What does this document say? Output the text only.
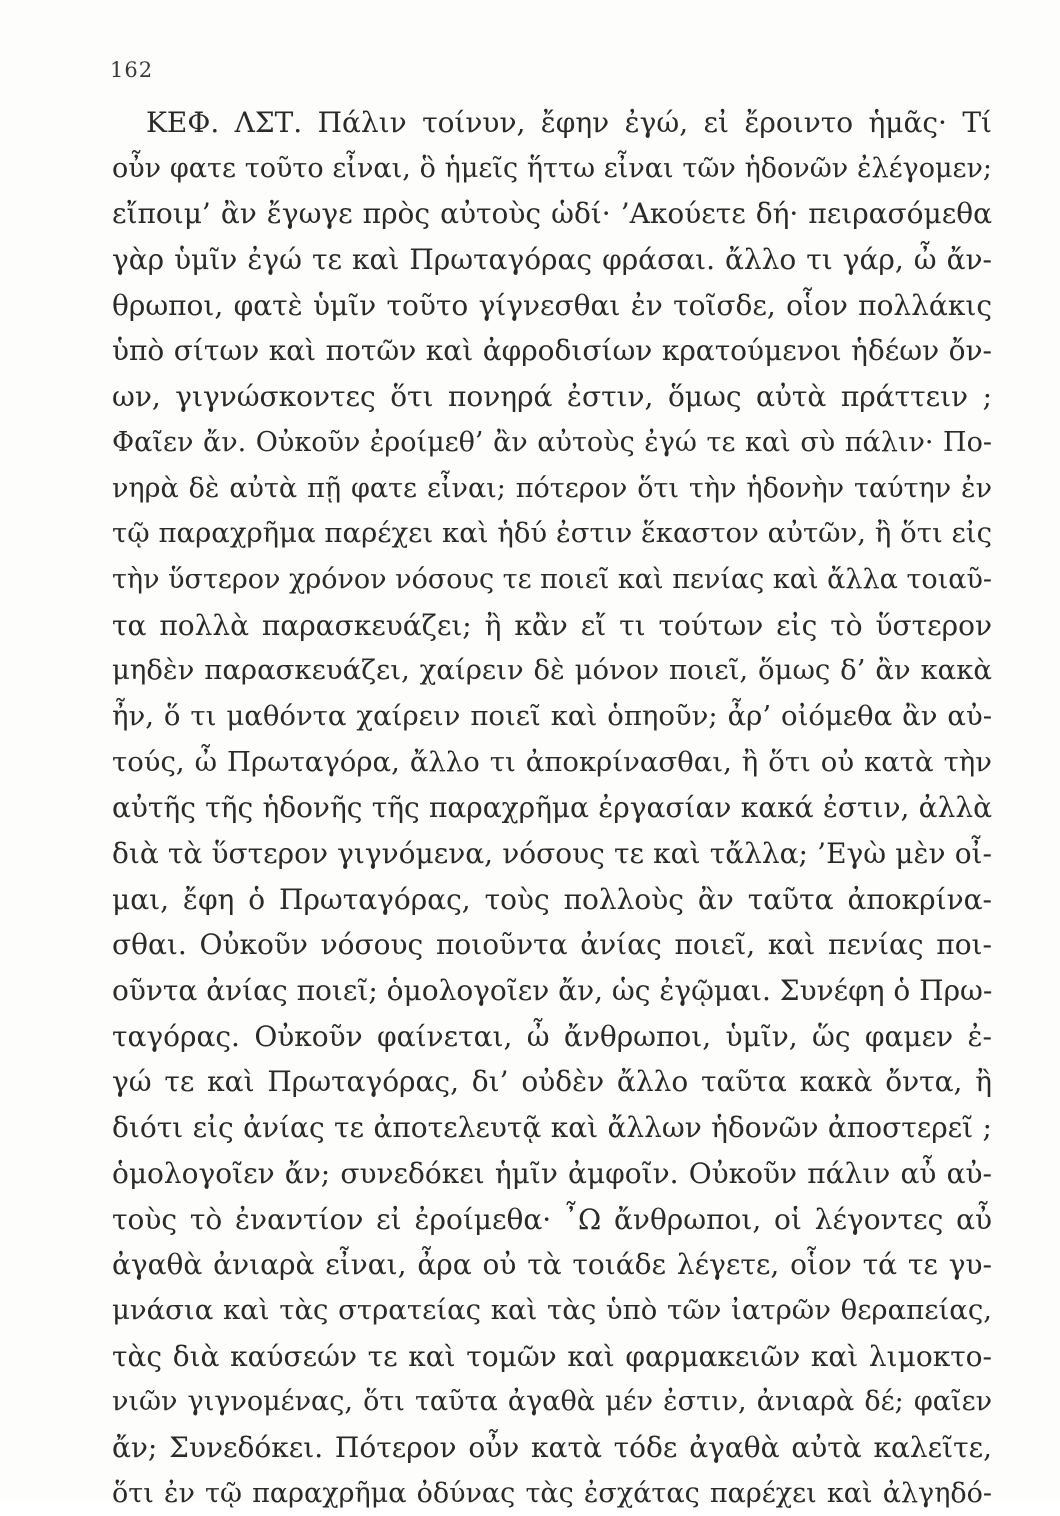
162
ΚΕΦ. ΛΣΤ. Πάλιν τοίνυν, ἔφην ἐγώ, εἰ ἔροιντο ἡμᾶς· Τί
οὖν φατε τοῦτο εἶναι, ὃ ἡμεῖς ἥττω εἶναι τῶν ἡδονῶν ἐλέγομεν;
εἴποιμ’ ἂν ἔγωγε πρὸς αὐτοὺς ὡδί· ’Ακούετε δή· πειρασόμεθα
γὰρ ὑμῖν ἐγώ τε καὶ Πρωταγόρας φράσαι. ἄλλο τι γάρ, ὦ ἄν-
θρωποι, φατὲ ὑμῖν τοῦτο γίγνεσθαι ἐν τοῖσδε, οἷον πολλάκις
ὑπὸ σίτων καὶ ποτῶν καὶ ἀφροδισίων κρατούμενοι ἡδέων ὄν-
ων, γιγνώσκοντες ὅτι πονηρά ἐστιν, ὅμως αὐτὰ πράττειν ;
Φαῖεν ἄν. Οὐκοῦν ἐροίμεθ’ ἂν αὐτοὺς ἐγώ τε καὶ σὺ πάλιν· Πο-
νηρὰ δὲ αὐτὰ πῇ φατε εἶναι; πότερον ὅτι τὴν ἡδονὴν ταύτην ἐν
τῷ παραχρῆμα παρέχει καὶ ἡδύ ἐστιν ἕκαστον αὐτῶν, ἢ ὅτι εἰς
τὴν ὕστερον χρόνον νόσους τε ποιεῖ καὶ πενίας καὶ ἄλλα τοιαῦ-
τα πολλὰ παρασκευάζει; ἢ κἂν εἴ τι τούτων εἰς τὸ ὕστερον
μηδὲν παρασκευάζει, χαίρειν δὲ μόνον ποιεῖ, ὅμως δ’ ἂν κακὰ
ἦν, ὅ τι μαθόντα χαίρειν ποιεῖ καὶ ὁπηοῦν; ἆρ’ οἰόμεθα ἂν αὐ-
τούς, ὦ Πρωταγόρα, ἄλλο τι ἀποκρίνασθαι, ἢ ὅτι οὐ κατὰ τὴν
αὐτῆς τῆς ἡδονῆς τῆς παραχρῆμα ἐργασίαν κακά ἐστιν, ἀλλὰ
διὰ τὰ ὕστερον γιγνόμενα, νόσους τε καὶ τἄλλα; ’Εγὼ μὲν οἶ-
μαι, ἔφη ὁ Πρωταγόρας, τοὺς πολλοὺς ἂν ταῦτα ἀποκρίνα-
σθαι. Οὐκοῦν νόσους ποιοῦντα ἀνίας ποιεῖ, καὶ πενίας ποι-
οῦντα ἀνίας ποιεῖ; ὁμολογοῖεν ἄν, ὡς ἐγῷμαι. Συνέφη ὁ Πρω-
ταγόρας. Οὐκοῦν φαίνεται, ὦ ἄνθρωποι, ὑμῖν, ὥς φαμεν ἐ-
γώ τε καὶ Πρωταγόρας, δι’ οὐδὲν ἄλλο ταῦτα κακὰ ὄντα, ἢ
διότι εἰς ἀνίας τε ἀποτελευτᾷ καὶ ἄλλων ἡδονῶν ἀποστερεῖ ;
ὁμολογοῖεν ἄν; συνεδόκει ἡμῖν ἀμφοῖν. Οὐκοῦν πάλιν αὖ αὐ-
τοὺς τὸ ἐναντίον εἰ ἐροίμεθα· ῏Ω ἄνθρωποι, οἱ λέγοντες αὖ
ἀγαθὰ ἀνιαρὰ εἶναι, ἆρα οὐ τὰ τοιάδε λέγετε, οἷον τά τε γυ-
μνάσια καὶ τὰς στρατείας καὶ τὰς ὑπὸ τῶν ἰατρῶν θεραπείας,
τὰς διὰ καύσεών τε καὶ τομῶν καὶ φαρμακειῶν καὶ λιμοκτο-
νιῶν γιγνομένας, ὅτι ταῦτα ἀγαθὰ μέν ἐστιν, ἀνιαρὰ δέ; φαῖεν
ἄν; Συνεδόκει. Πότερον οὖν κατὰ τόδε ἀγαθὰ αὐτὰ καλεῖτε,
ὅτι ἐν τῷ παραχρῆμα ὀδύνας τὰς ἐσχάτας παρέχει καὶ ἀλγηδό-
